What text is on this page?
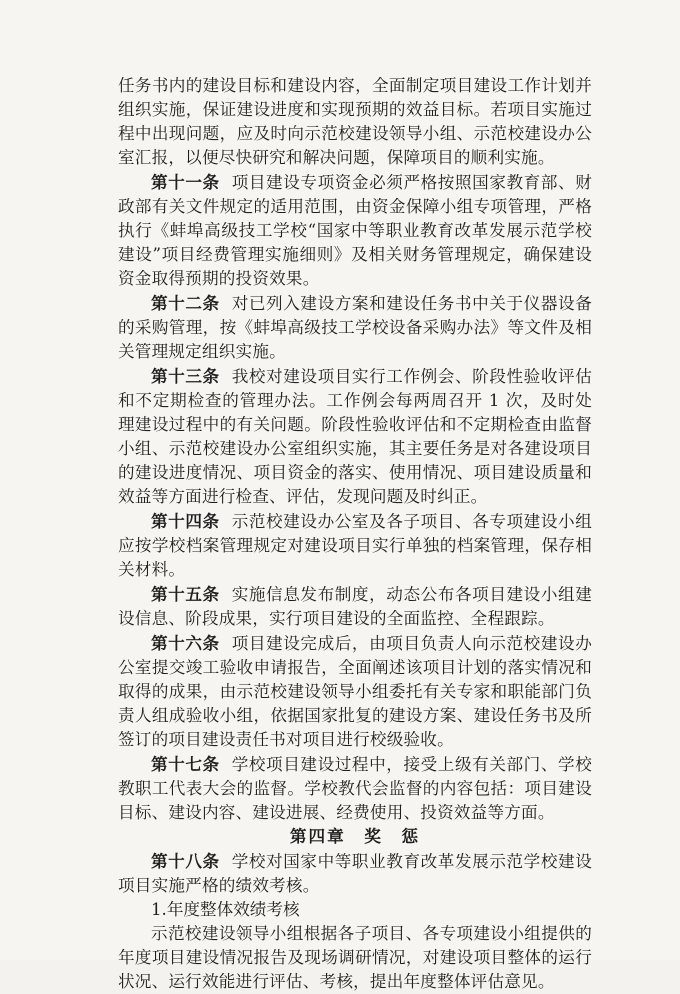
任务书内的建设目标和建设内容，全面制定项目建设工作计划并组织实施，保证建设进度和实现预期的效益目标。若项目实施过程中出现问题，应及时向示范校建设领导小组、示范校建设办公室汇报，以便尽快研究和解决问题，保障项目的顺利实施。

第十一条 项目建设专项资金必须严格按照国家教育部、财政部有关文件规定的适用范围，由资金保障小组专项管理，严格执行《蚌埠高级技工学校“国家中等职业教育改革发展示范学校建设”项目经费管理实施细则》及相关财务管理规定，确保建设资金取得预期的投资效果。

第十二条 对已列入建设方案和建设任务书中关于仪器设备的采购管理，按《蚌埠高级技工学校设备采购办法》等文件及相关管理规定组织实施。

第十三条 我校对建设项目实行工作例会、阶段性验收评估和不定期检查的管理办法。工作例会每两周召开 1 次，及时处理建设过程中的有关问题。阶段性验收评估和不定期检查由监督小组、示范校建设办公室组织实施，其主要任务是对各建设项目的建设进度情况、项目资金的落实、使用情况、项目建设质量和效益等方面进行检查、评估，发现问题及时纠正。

第十四条 示范校建设办公室及各子项目、各专项建设小组应按学校档案管理规定对建设项目实行单独的档案管理，保存相关材料。

第十五条 实施信息发布制度，动态公布各项目建设小组建设信息、阶段成果，实行项目建设的全面监控、全程跟踪。

第十六条 项目建设完成后，由项目负责人向示范校建设办公室提交竣工验收申请报告，全面阐述该项目计划的落实情况和取得的成果，由示范校建设领导小组委托有关专家和职能部门负责人组成验收小组，依据国家批复的建设方案、建设任务书及所签订的项目建设责任书对项目进行校级验收。

第十七条 学校项目建设过程中，接受上级有关部门、学校教职工代表大会的监督。学校教代会监督的内容包括：项目建设目标、建设内容、建设进展、经费使用、投资效益等方面。

第四章　奖　惩

第十八条 学校对国家中等职业教育改革发展示范学校建设项目实施严格的绩效考核。

1.年度整体效绩考核

示范校建设领导小组根据各子项目、各专项建设小组提供的年度项目建设情况报告及现场调研情况，对建设项目整体的运行状况、运行效能进行评估、考核，提出年度整体评估意见。
